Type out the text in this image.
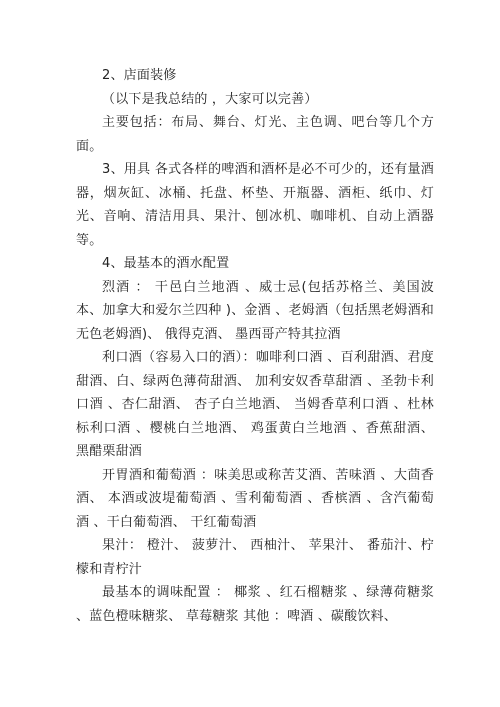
2、店面装修

（以下是我总结的 ，大家可以完善）

主要包括：布局、舞台、灯光、主色调、吧台等几个方面。

3、用具 各式各样的啤酒和酒杯是必不可少的，还有量酒器，烟灰缸、冰桶、托盘、杯垫、开瓶器、酒柜、纸巾、灯光、音响、清洁用具、果汁、刨冰机、咖啡机、自动上酒器等。

4、最基本的酒水配置

烈酒 ： 干邑白兰地酒 、威士忌(包括苏格兰、美国波本、加拿大和爱尔兰四种 )、金酒 、老姆酒（包括黑老姆酒和无色老姆酒)、 俄得克酒、 墨西哥产特其拉酒

利口酒（容易入口的酒）：咖啡利口酒 、百利甜酒、君度甜酒、白、绿两色薄荷甜酒、 加利安奴香草甜酒 、圣勃卡利口酒 、杏仁甜酒、 杏子白兰地酒、 当姆香草利口酒 、杜林标利口酒 、樱桃白兰地酒、 鸡蛋黄白兰地酒 、香蕉甜酒、 黑醋栗甜酒

开胃酒和葡萄酒 ：味美思或称苦艾酒、苦味酒 、大茴香酒、 本酒或波堤葡萄酒 、雪利葡萄酒 、香槟酒 、含汽葡萄酒 、干白葡萄酒、 干红葡萄酒

果汁： 橙汁、 菠萝汁、 西柚汁、 苹果汁、 番茄汁、柠檬和青柠汁

最基本的调味配置 ： 椰浆 、红石榴糖浆 、绿薄荷糖浆 、蓝色橙味糖浆、 草莓糖浆 其他 ：啤酒 、碳酸饮料、
